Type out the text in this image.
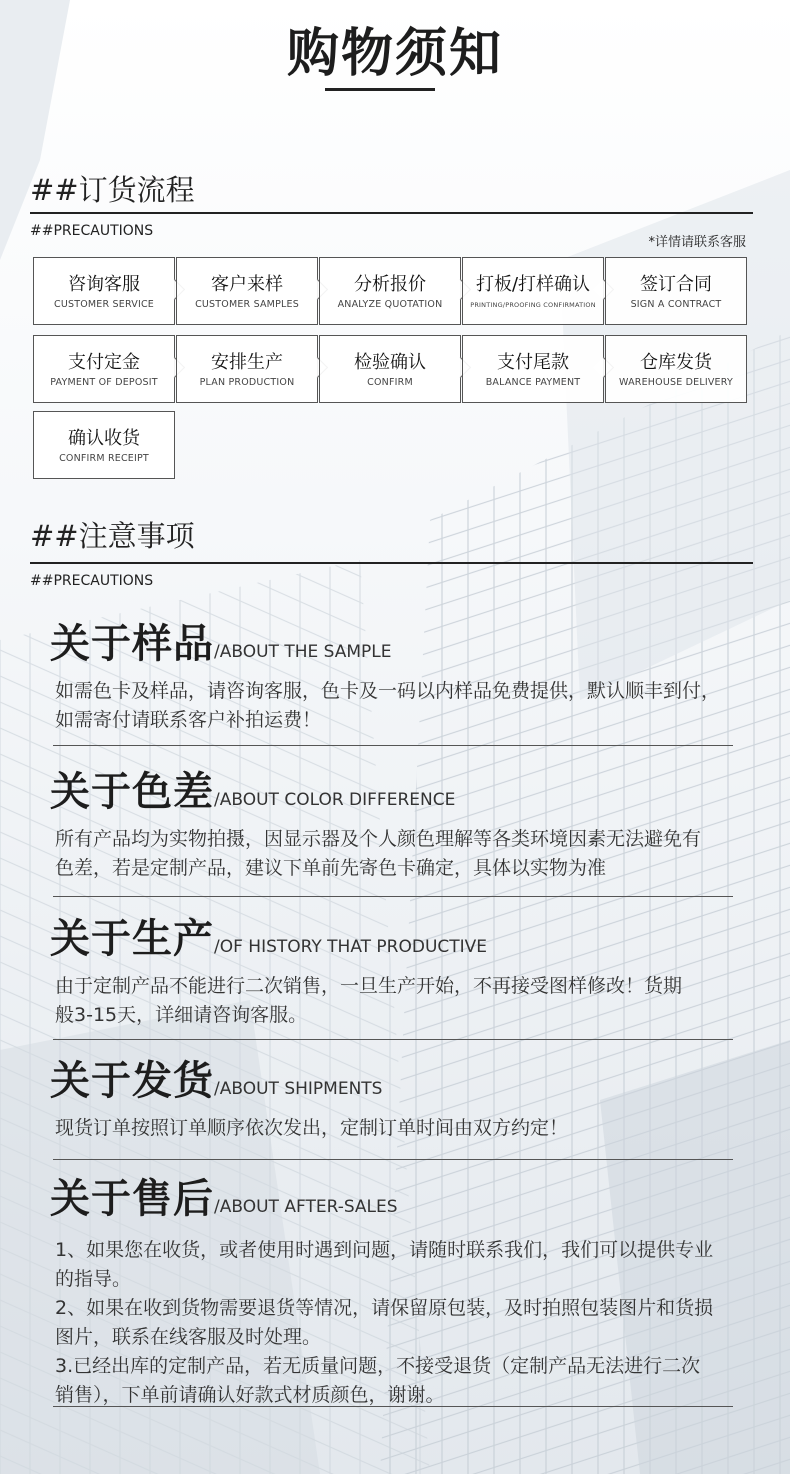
购物须知
##订货流程
##PRECAUTIONS
*详情请联系客服
咨询客服
CUSTOMER SERVICE
客户来样
CUSTOMER SAMPLES
分析报价
ANALYZE QUOTATION
打板/打样确认
PRINTING/PROOFING CONFIRMATION
签订合同
SIGN A CONTRACT
支付定金
PAYMENT OF DEPOSIT
安排生产
PLAN PRODUCTION
检验确认
CONFIRM
支付尾款
BALANCE PAYMENT
仓库发货
WAREHOUSE DELIVERY
确认收货
CONFIRM RECEIPT
##注意事项
##PRECAUTIONS
关于样品/ABOUT THE SAMPLE
如需色卡及样品，请咨询客服，色卡及一码以内样品免费提供，默认顺丰到付，
如需寄付请联系客户补拍运费！
关于色差/ABOUT COLOR DIFFERENCE
所有产品均为实物拍摄，因显示器及个人颜色理解等各类环境因素无法避免有
色差，若是定制产品，建议下单前先寄色卡确定，具体以实物为准
关于生产/OF HISTORY THAT PRODUCTIVE
由于定制产品不能进行二次销售，一旦生产开始，不再接受图样修改！货期
般3-15天，详细请咨询客服。
关于发货/ABOUT SHIPMENTS
现货订单按照订单顺序依次发出，定制订单时间由双方约定！
关于售后/ABOUT AFTER-SALES
1、如果您在收货，或者使用时遇到问题，请随时联系我们，我们可以提供专业
的指导。
2、如果在收到货物需要退货等情况，请保留原包装，及时拍照包装图片和货损
图片，联系在线客服及时处理。
3.已经出库的定制产品，若无质量问题，不接受退货（定制产品无法进行二次
销售），下单前请确认好款式材质颜色，谢谢。
